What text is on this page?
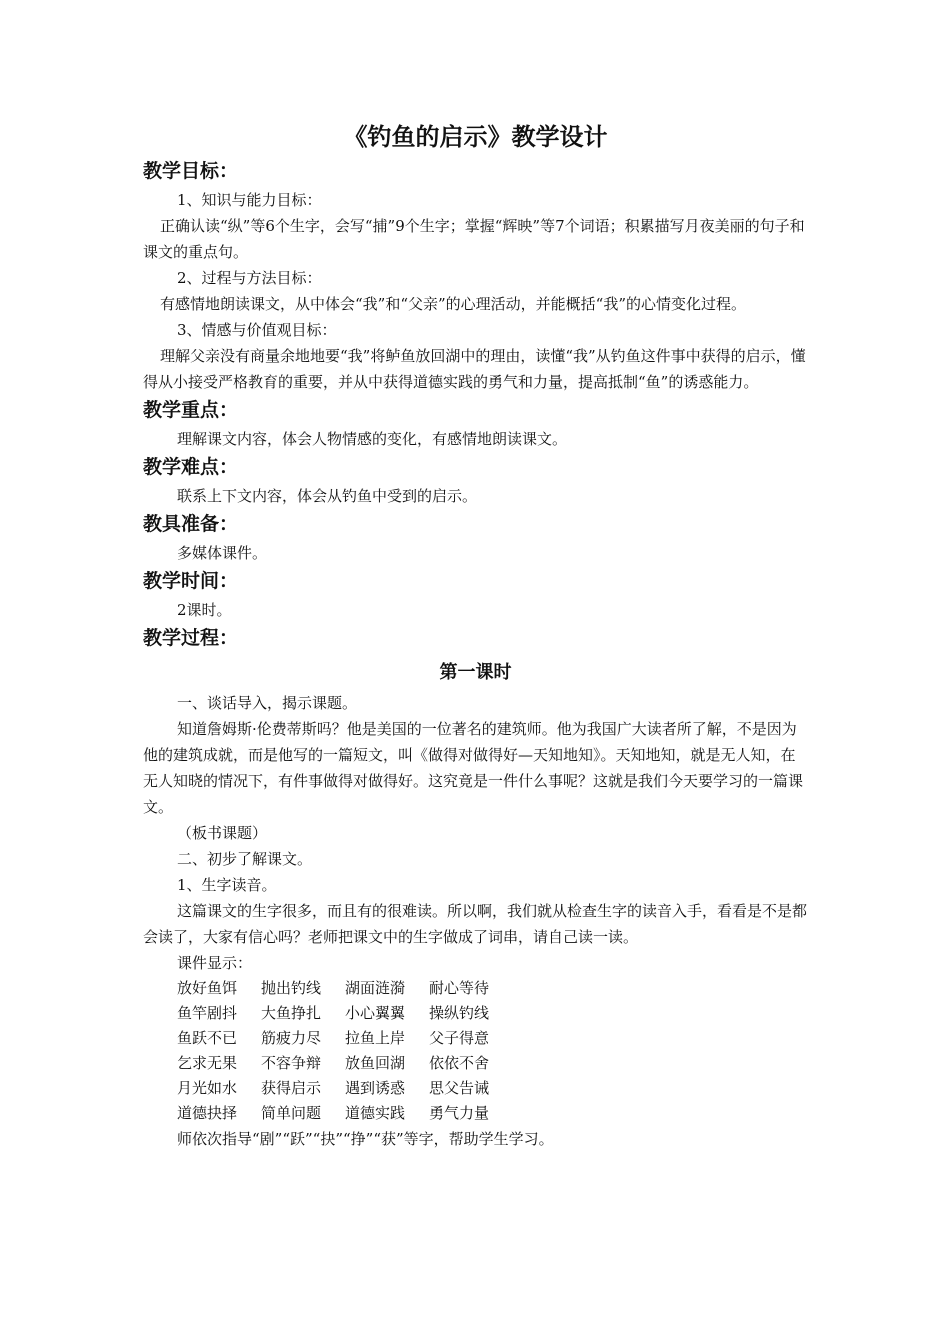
《钓鱼的启示》教学设计
教学目标：

1、知识与能力目标：

正确认读“纵”等6个生字，会写“捕”9个生字；掌握“辉映”等7个词语；积累描写月夜美丽的句子和课文的重点句。

2、过程与方法目标：

有感情地朗读课文，从中体会“我”和“父亲”的心理活动，并能概括“我”的心情变化过程。

3、情感与价值观目标：

理解父亲没有商量余地地要“我”将鲈鱼放回湖中的理由，读懂“我”从钓鱼这件事中获得的启示，懂得从小接受严格教育的重要，并从中获得道德实践的勇气和力量，提高抵制“鱼”的诱惑能力。

教学重点：

理解课文内容，体会人物情感的变化，有感情地朗读课文。

教学难点：

联系上下文内容，体会从钓鱼中受到的启示。

教具准备：

多媒体课件。

教学时间：

2课时。

教学过程：
第一课时

一、谈话导入，揭示课题。

知道詹姆斯·伦费蒂斯吗？他是美国的一位著名的建筑师。他为我国广大读者所了解，不是因为他的建筑成就，而是他写的一篇短文，叫《做得对做得好—天知地知》。天知地知，就是无人知，在无人知晓的情况下，有件事做得对做得好。这究竟是一件什么事呢？这就是我们今天要学习的一篇课文。

（板书课题）

二、初步了解课文。

1、生字读音。

这篇课文的生字很多，而且有的很难读。所以啊，我们就从检查生字的读音入手，看看是不是都会读了，大家有信心吗？老师把课文中的生字做成了词串，请自己读一读。

课件显示：

放好鱼饵 抛出钓线 湖面涟漪 耐心等待
鱼竿剧抖 大鱼挣扎 小心翼翼 操纵钓线
鱼跃不已 筋疲力尽 拉鱼上岸 父子得意
乞求无果 不容争辩 放鱼回湖 依依不舍
月光如水 获得启示 遇到诱惑 思父告诫
道德抉择 简单问题 道德实践 勇气力量

师依次指导“剧”“跃”“抉”“挣”“获”等字，帮助学生学习。
